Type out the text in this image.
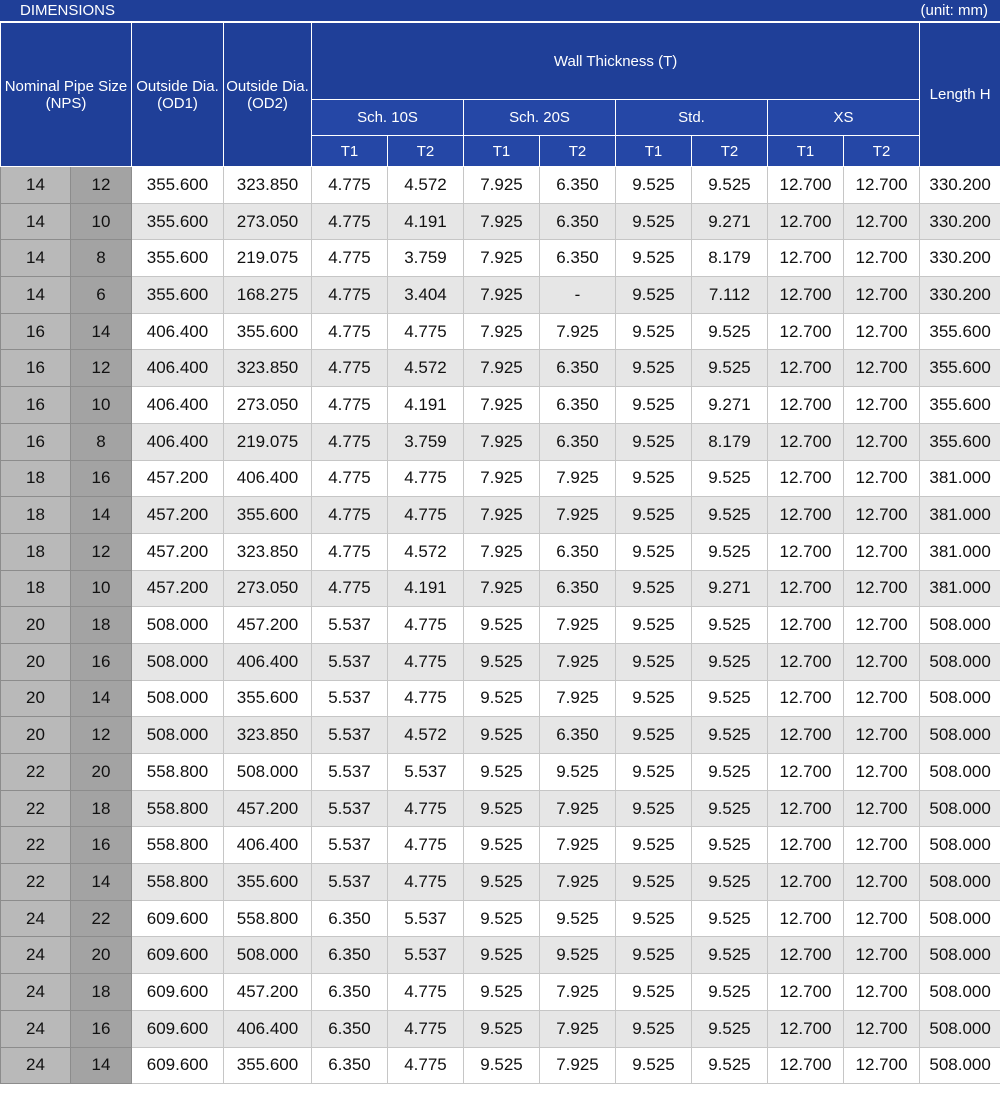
DIMENSIONS	(unit: mm)
Nominal Pipe Size (NPS)		Outside Dia. (OD1)	Outside Dia. (OD2)	Wall Thickness (T)								Length H
				Sch. 10S		Sch. 20S		Std.		XS		
				T1	T2	T1	T2	T1	T2	T1	T2	
14	12	355.600	323.850	4.775	4.572	7.925	6.350	9.525	9.525	12.700	12.700	330.200
14	10	355.600	273.050	4.775	4.191	7.925	6.350	9.525	9.271	12.700	12.700	330.200
14	8	355.600	219.075	4.775	3.759	7.925	6.350	9.525	8.179	12.700	12.700	330.200
14	6	355.600	168.275	4.775	3.404	7.925	-	9.525	7.112	12.700	12.700	330.200
16	14	406.400	355.600	4.775	4.775	7.925	7.925	9.525	9.525	12.700	12.700	355.600
16	12	406.400	323.850	4.775	4.572	7.925	6.350	9.525	9.525	12.700	12.700	355.600
16	10	406.400	273.050	4.775	4.191	7.925	6.350	9.525	9.271	12.700	12.700	355.600
16	8	406.400	219.075	4.775	3.759	7.925	6.350	9.525	8.179	12.700	12.700	355.600
18	16	457.200	406.400	4.775	4.775	7.925	7.925	9.525	9.525	12.700	12.700	381.000
18	14	457.200	355.600	4.775	4.775	7.925	7.925	9.525	9.525	12.700	12.700	381.000
18	12	457.200	323.850	4.775	4.572	7.925	6.350	9.525	9.525	12.700	12.700	381.000
18	10	457.200	273.050	4.775	4.191	7.925	6.350	9.525	9.271	12.700	12.700	381.000
20	18	508.000	457.200	5.537	4.775	9.525	7.925	9.525	9.525	12.700	12.700	508.000
20	16	508.000	406.400	5.537	4.775	9.525	7.925	9.525	9.525	12.700	12.700	508.000
20	14	508.000	355.600	5.537	4.775	9.525	7.925	9.525	9.525	12.700	12.700	508.000
20	12	508.000	323.850	5.537	4.572	9.525	6.350	9.525	9.525	12.700	12.700	508.000
22	20	558.800	508.000	5.537	5.537	9.525	9.525	9.525	9.525	12.700	12.700	508.000
22	18	558.800	457.200	5.537	4.775	9.525	7.925	9.525	9.525	12.700	12.700	508.000
22	16	558.800	406.400	5.537	4.775	9.525	7.925	9.525	9.525	12.700	12.700	508.000
22	14	558.800	355.600	5.537	4.775	9.525	7.925	9.525	9.525	12.700	12.700	508.000
24	22	609.600	558.800	6.350	5.537	9.525	9.525	9.525	9.525	12.700	12.700	508.000
24	20	609.600	508.000	6.350	5.537	9.525	9.525	9.525	9.525	12.700	12.700	508.000
24	18	609.600	457.200	6.350	4.775	9.525	7.925	9.525	9.525	12.700	12.700	508.000
24	16	609.600	406.400	6.350	4.775	9.525	7.925	9.525	9.525	12.700	12.700	508.000
24	14	609.600	355.600	6.350	4.775	9.525	7.925	9.525	9.525	12.700	12.700	508.000
